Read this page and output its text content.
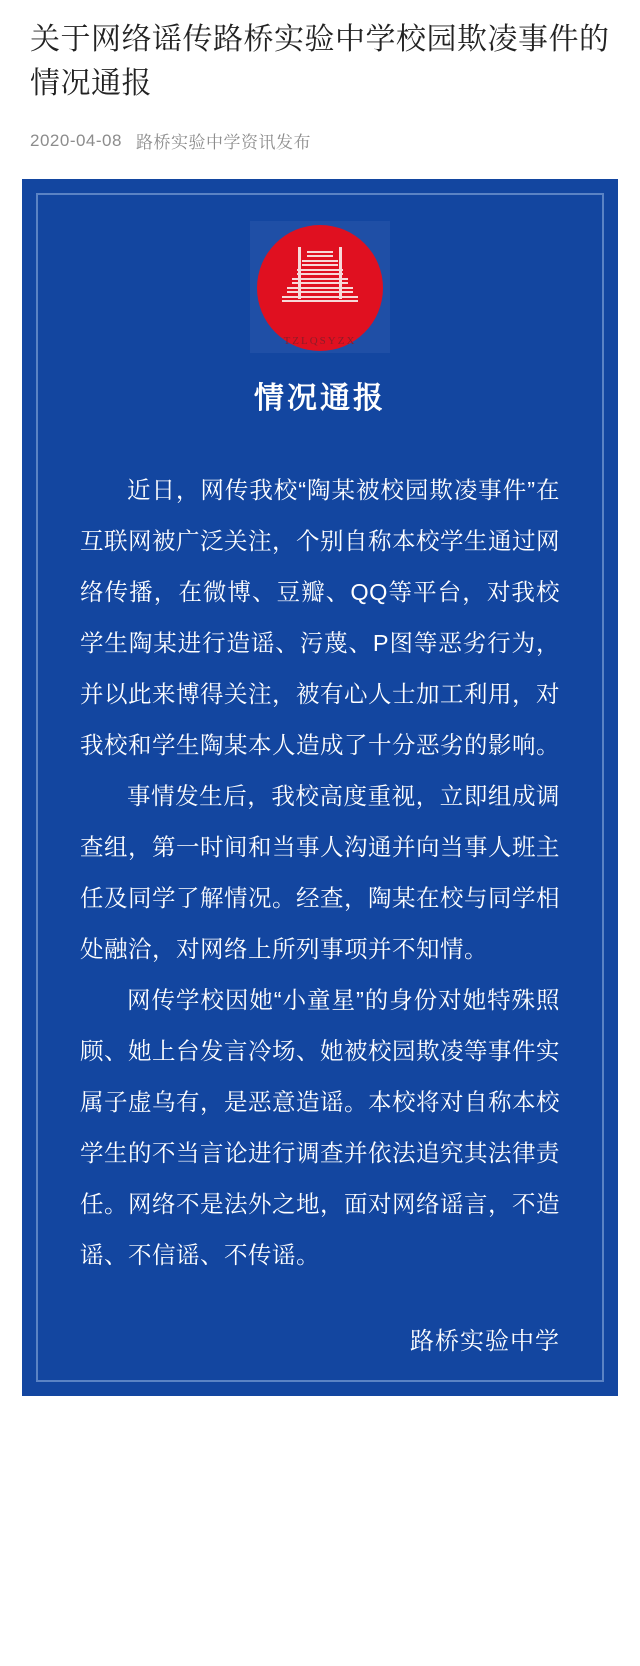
关于网络谣传路桥实验中学校园欺凌事件的情况通报
2020-04-08 路桥实验中学资讯发布
TZLQSYZX
情况通报

近日，网传我校“陶某被校园欺凌事件”在互联网被广泛关注，个别自称本校学生通过网络传播，在微博、豆瓣、QQ等平台，对我校学生陶某进行造谣、污蔑、P图等恶劣行为，并以此来博得关注，被有心人士加工利用，对我校和学生陶某本人造成了十分恶劣的影响。

事情发生后，我校高度重视，立即组成调查组，第一时间和当事人沟通并向当事人班主任及同学了解情况。经查，陶某在校与同学相处融洽，对网络上所列事项并不知情。

网传学校因她“小童星”的身份对她特殊照顾、她上台发言冷场、她被校园欺凌等事件实属子虚乌有，是恶意造谣。本校将对自称本校学生的不当言论进行调查并依法追究其法律责任。网络不是法外之地，面对网络谣言，不造谣、不信谣、不传谣。

路桥实验中学
